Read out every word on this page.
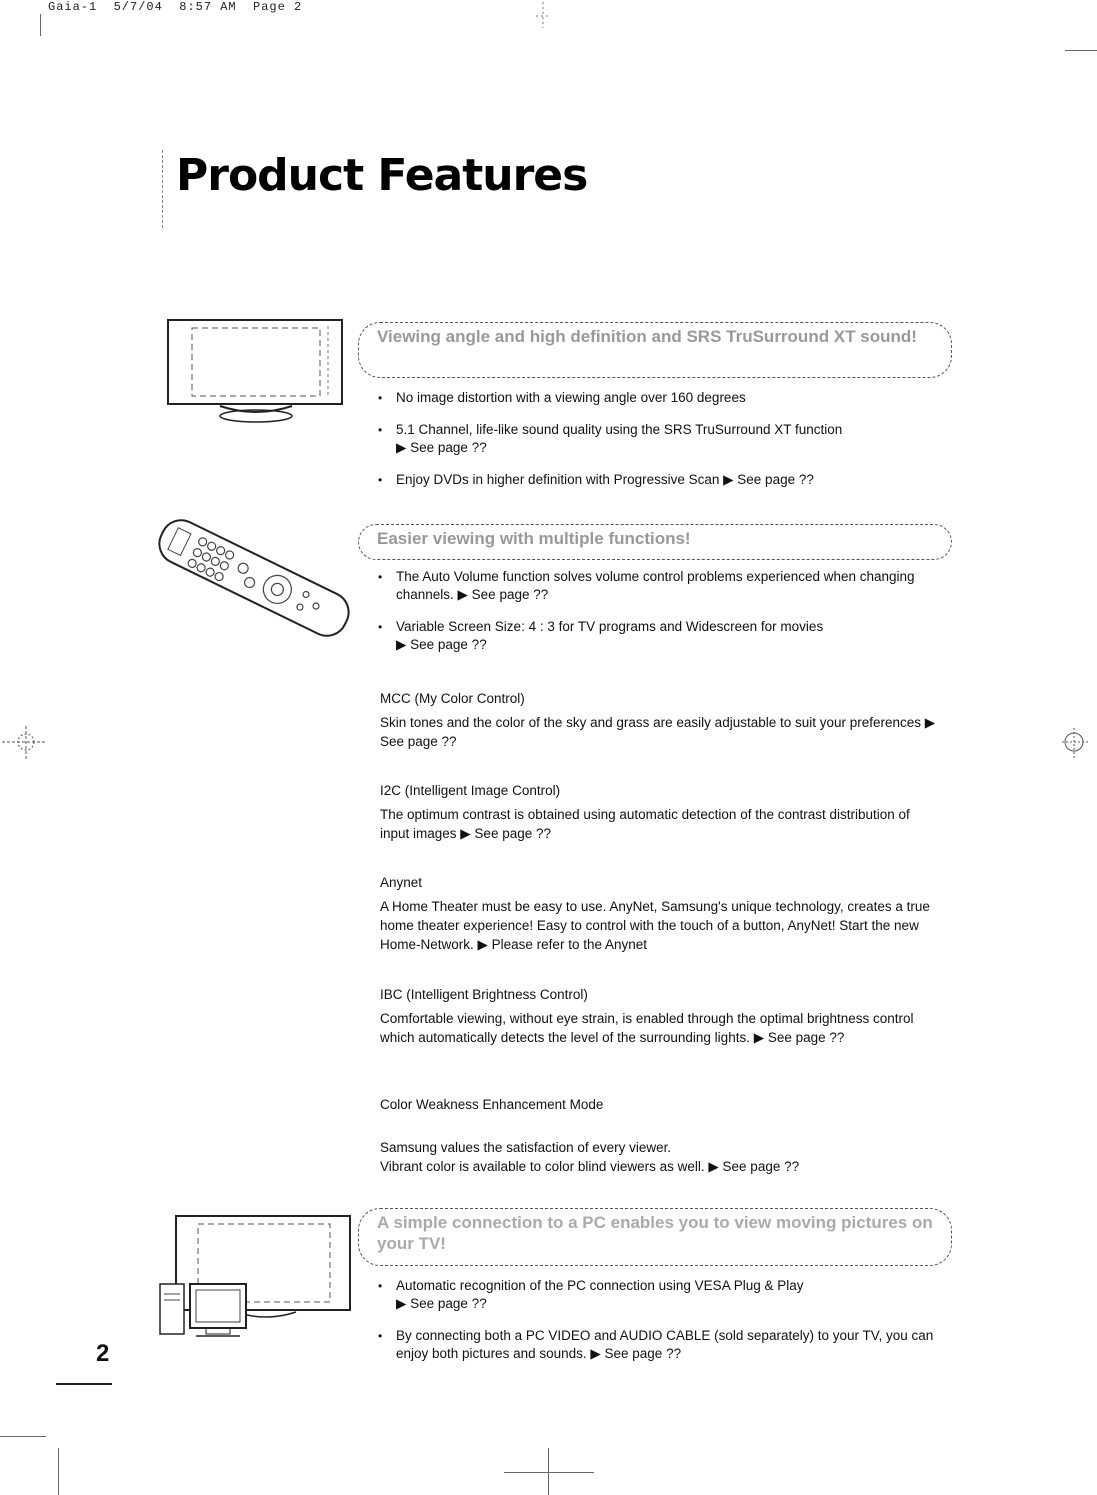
Gaia-1  5/7/04  8:57 AM  Page 2
Product Features
Viewing angle and high definition and SRS TruSurround XT sound!
• No image distortion with a viewing angle over 160 degrees
• 5.1 Channel, life-like sound quality using the SRS TruSurround XT function
▶ See page ??
• Enjoy DVDs in higher definition with Progressive Scan ▶ See page ??
Easier viewing with multiple functions!
• The Auto Volume function solves volume control problems experienced when changing channels. ▶ See page ??
• Variable Screen Size: 4 : 3 for TV programs and Widescreen for movies
▶ See page ??
MCC (My Color Control)
Skin tones and the color of the sky and grass are easily adjustable to suit your preferences ▶ See page ??
I2C (Intelligent Image Control)
The optimum contrast is obtained using automatic detection of the contrast distribution of input images ▶ See page ??
Anynet
A Home Theater must be easy to use. AnyNet, Samsung's unique technology, creates a true home theater experience! Easy to control with the touch of a button, AnyNet! Start the new Home-Network. ▶ Please refer to the Anynet
IBC (Intelligent Brightness Control)
Comfortable viewing, without eye strain, is enabled through the optimal brightness control which automatically detects the level of the surrounding lights. ▶ See page ??

Color Weakness Enhancement Mode

Samsung values the satisfaction of every viewer.
Vibrant color is available to color blind viewers as well. ▶ See page ??

A simple connection to a PC enables you to view moving pictures on your TV!
• Automatic recognition of the PC connection using VESA Plug & Play
▶ See page ??
• By connecting both a PC VIDEO and AUDIO CABLE (sold separately) to your TV, you can enjoy both pictures and sounds. ▶ See page ??
2
